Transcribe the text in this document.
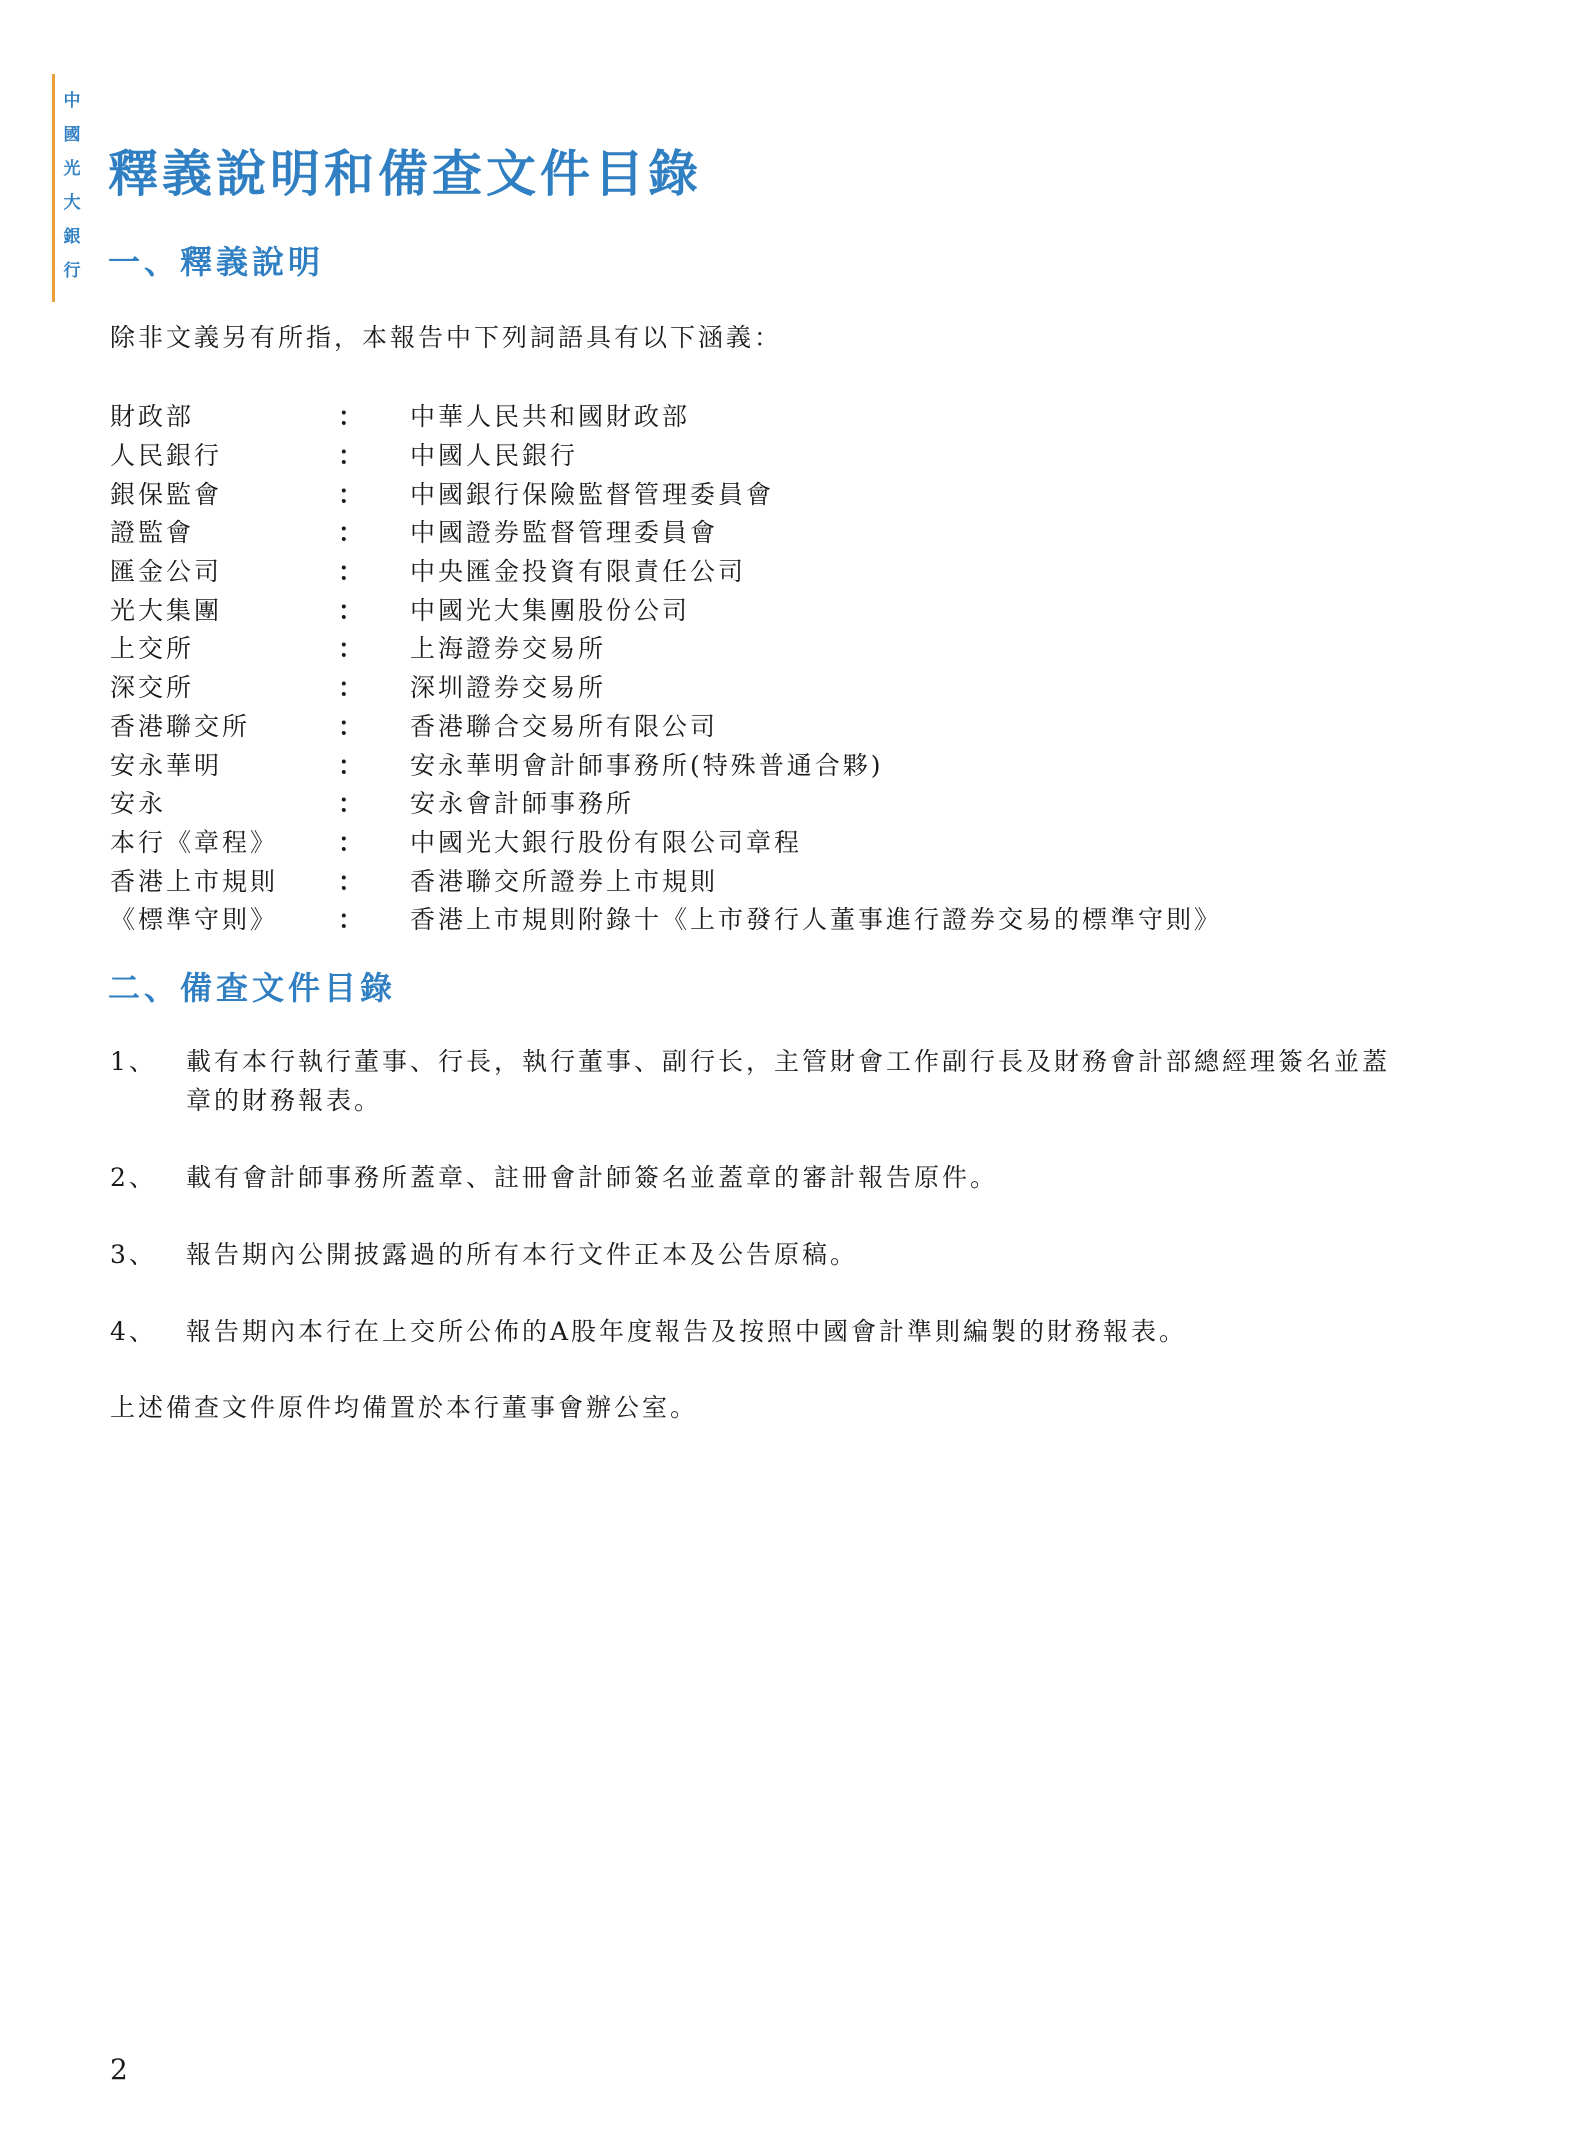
中
國
光
大
銀
行
釋義說明和備查文件目錄
一、釋義說明
除非文義另有所指，本報告中下列詞語具有以下涵義：
財政部	：	中華人民共和國財政部
人民銀行	：	中國人民銀行
銀保監會	：	中國銀行保險監督管理委員會
證監會	：	中國證券監督管理委員會
匯金公司	：	中央匯金投資有限責任公司
光大集團	：	中國光大集團股份公司
上交所	：	上海證券交易所
深交所	：	深圳證券交易所
香港聯交所	：	香港聯合交易所有限公司
安永華明	：	安永華明會計師事務所(特殊普通合夥)
安永	：	安永會計師事務所
本行《章程》	：	中國光大銀行股份有限公司章程
香港上市規則	：	香港聯交所證券上市規則
《標準守則》	：	香港上市規則附錄十《上市發行人董事進行證券交易的標準守則》
二、備查文件目錄
1、	載有本行執行董事、行長，執行董事、副行长，主管財會工作副行長及財務會計部總經理簽名並蓋章的財務報表。
2、	載有會計師事務所蓋章、註冊會計師簽名並蓋章的審計報告原件。
3、	報告期內公開披露過的所有本行文件正本及公告原稿。
4、	報告期內本行在上交所公佈的A股年度報告及按照中國會計準則編製的財務報表。
上述備查文件原件均備置於本行董事會辦公室。
2
